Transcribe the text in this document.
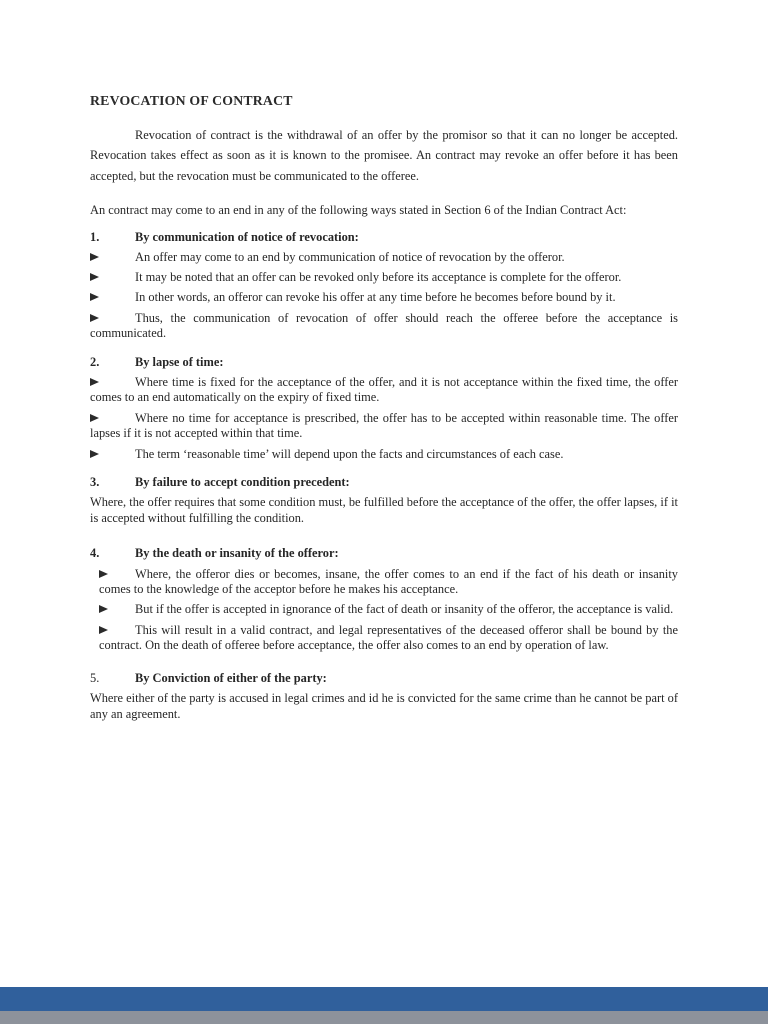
REVOCATION OF CONTRACT

Revocation of contract is the withdrawal of an offer by the promisor so that it can no longer be accepted. Revocation takes effect as soon as it is known to the promisee. An contract may revoke an offer before it has been accepted, but the revocation must be communicated to the offeree.

An contract may come to an end in any of the following ways stated in Section 6 of the Indian Contract Act:

1.	By communication of notice of revocation:

An offer may come to an end by communication of notice of revocation by the offeror.

It may be noted that an offer can be revoked only before its acceptance is complete for the offeror.

In other words, an offeror can revoke his offer at any time before he becomes before bound by it.

Thus, the communication of revocation of offer should reach the offeree before the acceptance is communicated.

2.	By lapse of time:

Where time is fixed for the acceptance of the offer, and it is not acceptance within the fixed time, the offer comes to an end automatically on the expiry of fixed time.

Where no time for acceptance is prescribed, the offer has to be accepted within reasonable time. The offer lapses if it is not accepted within that time.

The term ‘reasonable time’ will depend upon the facts and circumstances of each case.

3.	By failure to accept condition precedent:

Where, the offer requires that some condition must, be fulfilled before the acceptance of the offer, the offer lapses, if it is accepted without fulfilling the condition.

4.	By the death or insanity of the offeror:

Where, the offeror dies or becomes, insane, the offer comes to an end if the fact of his death or insanity comes to the knowledge of the acceptor before he makes his acceptance.

But if the offer is accepted in ignorance of the fact of death or insanity of the offeror, the acceptance is valid.

This will result in a valid contract, and legal representatives of the deceased offeror shall be bound by the contract. On the death of offeree before acceptance, the offer also comes to an end by operation of law.

5.	By Conviction of either of the party:

Where either of the party is accused in legal crimes and id he is convicted for the same crime than he cannot be part of any an agreement.
